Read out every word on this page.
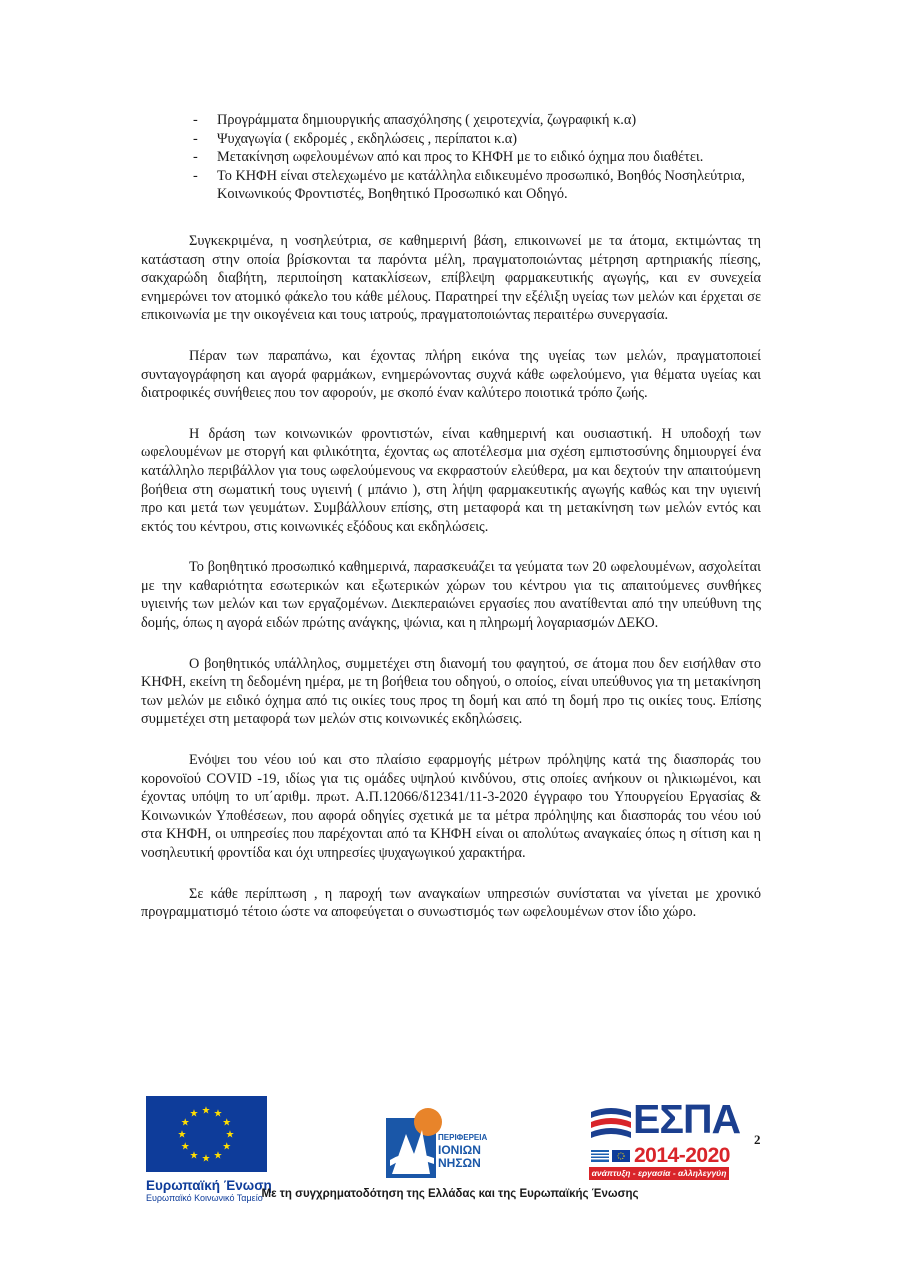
- Προγράμματα δημιουργικής απασχόλησης ( χειροτεχνία, ζωγραφική κ.α)
- Ψυχαγωγία ( εκδρομές , εκδηλώσεις , περίπατοι κ.α)
- Μετακίνηση ωφελουμένων από και προς το ΚΗΦΗ με το ειδικό όχημα που διαθέτει.
- Το ΚΗΦΗ είναι στελεχωμένο με κατάλληλα ειδικευμένο προσωπικό, Βοηθός Νοσηλεύτρια, Κοινωνικούς Φροντιστές, Βοηθητικό Προσωπικό και Οδηγό.

Συγκεκριμένα, η νοσηλεύτρια, σε καθημερινή βάση, επικοινωνεί με τα άτομα, εκτιμώντας τη κατάσταση στην οποία βρίσκονται τα παρόντα μέλη, πραγματοποιώντας μέτρηση αρτηριακής πίεσης, σακχαρώδη διαβήτη, περιποίηση κατακλίσεων, επίβλεψη φαρμακευτικής αγωγής, και εν συνεχεία ενημερώνει τον ατομικό φάκελο του κάθε μέλους. Παρατηρεί την εξέλιξη υγείας των μελών και έρχεται σε επικοινωνία με την οικογένεια και τους ιατρούς, πραγματοποιώντας περαιτέρω συνεργασία.

Πέραν των παραπάνω, και έχοντας πλήρη εικόνα της υγείας των μελών, πραγματοποιεί συνταγογράφηση και αγορά φαρμάκων, ενημερώνοντας συχνά κάθε ωφελούμενο, για θέματα υγείας και διατροφικές συνήθειες που τον αφορούν, με σκοπό έναν καλύτερο ποιοτικά τρόπο ζωής.

Η δράση των κοινωνικών φροντιστών, είναι καθημερινή και ουσιαστική. Η υποδοχή των ωφελουμένων με στοργή και φιλικότητα, έχοντας ως αποτέλεσμα μια σχέση εμπιστοσύνης δημιουργεί ένα κατάλληλο περιβάλλον για τους ωφελούμενους να εκφραστούν ελεύθερα, μα και δεχτούν την απαιτούμενη βοήθεια στη σωματική τους υγιεινή ( μπάνιο ), στη λήψη φαρμακευτικής αγωγής καθώς και την υγιεινή προ και μετά των γευμάτων. Συμβάλλουν επίσης, στη μεταφορά και τη μετακίνηση των μελών εντός και εκτός του κέντρου, στις κοινωνικές εξόδους και εκδηλώσεις.

Το βοηθητικό προσωπικό καθημερινά, παρασκευάζει τα γεύματα των 20 ωφελουμένων, ασχολείται με την καθαριότητα εσωτερικών και εξωτερικών χώρων του κέντρου για τις απαιτούμενες συνθήκες υγιεινής των μελών και των εργαζομένων. Διεκπεραιώνει εργασίες που ανατίθενται από την υπεύθυνη της δομής, όπως η αγορά ειδών πρώτης ανάγκης, ψώνια, και η πληρωμή λογαριασμών ΔΕΚΟ.

Ο βοηθητικός υπάλληλος, συμμετέχει στη διανομή του φαγητού, σε άτομα που δεν εισήλθαν στο ΚΗΦΗ, εκείνη τη δεδομένη ημέρα, με τη βοήθεια του οδηγού, ο οποίος, είναι υπεύθυνος για τη μετακίνηση των μελών με ειδικό όχημα από τις οικίες τους προς τη δομή και από τη δομή προ τις οικίες τους. Επίσης συμμετέχει στη μεταφορά των μελών στις κοινωνικές εκδηλώσεις.

Ενόψει του νέου ιού και στο πλαίσιο εφαρμογής μέτρων πρόληψης κατά της διασποράς του κορονοϊού COVID -19, ιδίως για τις ομάδες υψηλού κινδύνου, στις οποίες ανήκουν οι ηλικιωμένοι, και έχοντας υπόψη το υπ΄αριθμ. πρωτ. Α.Π.12066/δ12341/11-3-2020 έγγραφο του Υπουργείου Εργασίας & Κοινωνικών Υποθέσεων, που αφορά οδηγίες σχετικά με τα μέτρα πρόληψης και διασποράς του νέου ιού στα ΚΗΦΗ, οι υπηρεσίες που παρέχονται από τα ΚΗΦΗ είναι οι απολύτως αναγκαίες όπως η σίτιση και η νοσηλευτική φροντίδα και όχι υπηρεσίες ψυχαγωγικού χαρακτήρα.

Σε κάθε περίπτωση , η παροχή των αναγκαίων υπηρεσιών συνίσταται να γίνεται με χρονικό προγραμματισμό τέτοιο ώστε να αποφεύγεται ο συνωστισμός των ωφελουμένων στον ίδιο χώρο.

★ ★
★
★
★
★
★
★
★
★
★
★
Ευρωπαϊκή Ένωση
Ευρωπαϊκό Κοινωνικό Ταμείο
ΠΕΡΙΦΕΡΕΙΑ
ΙΟΝΙΩΝ
ΝΗΣΩΝ
ΕΣΠΑ
2014-2020
ανάπτυξη - εργασία - αλληλεγγύη
2
Με τη συγχρηματοδότηση της Ελλάδας και της Ευρωπαϊκής Ένωσης
